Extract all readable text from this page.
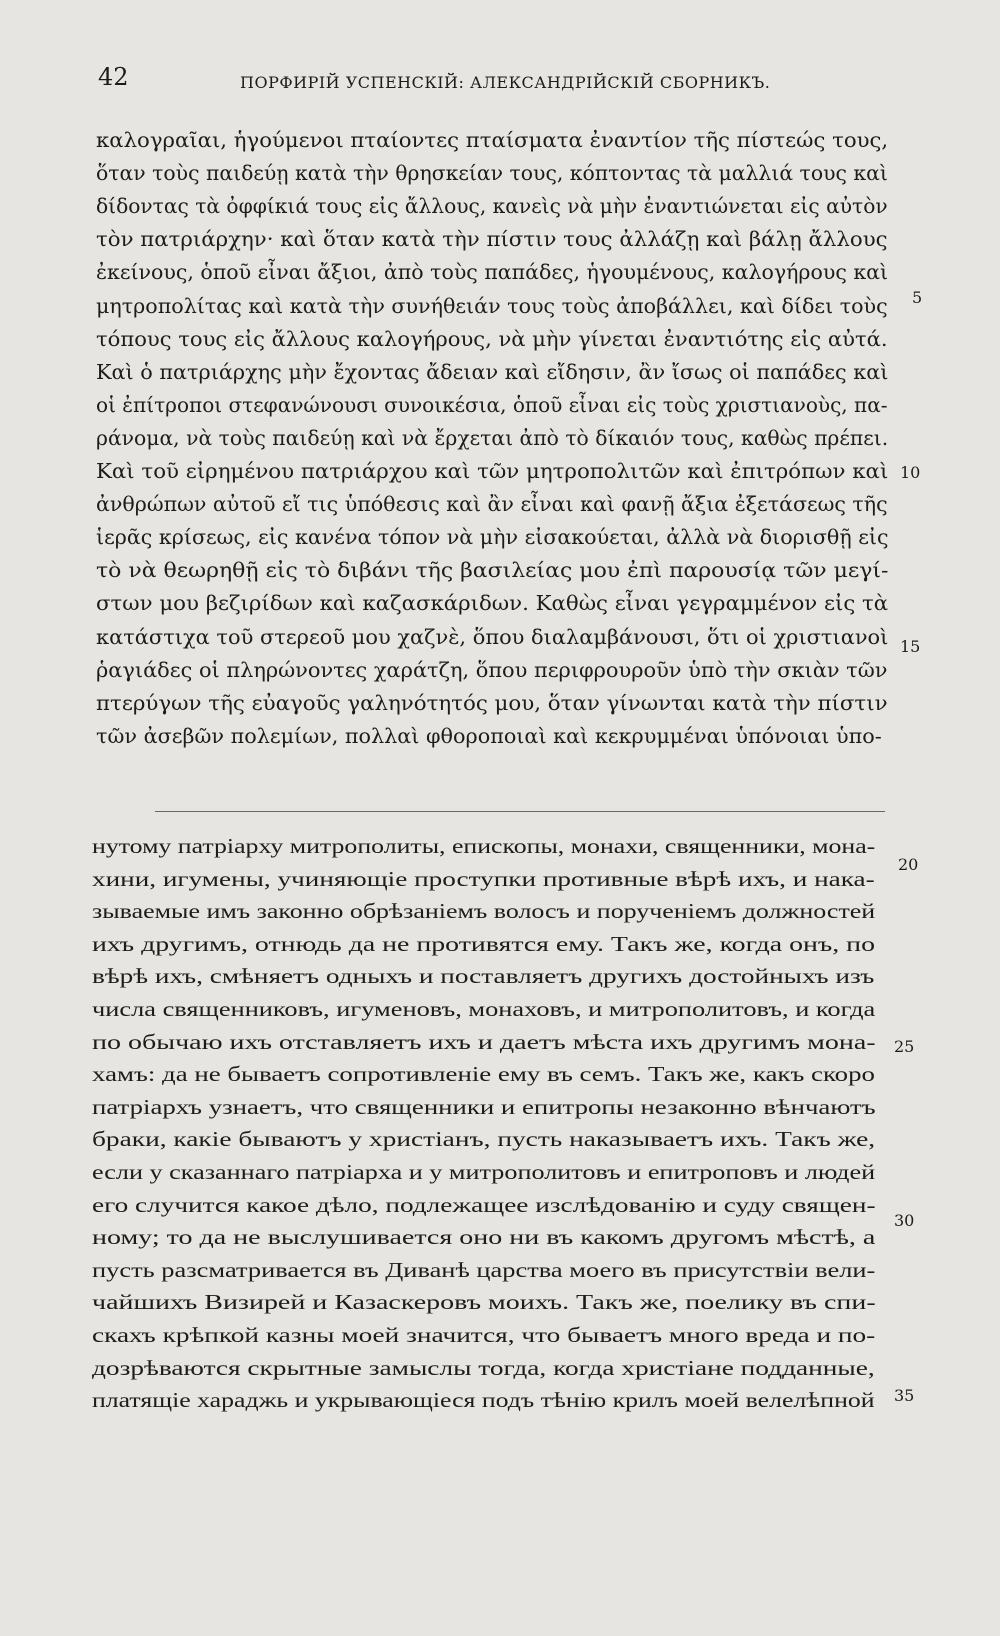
42	ПОРФИРІЙ УСПЕНСКІЙ: АЛЕКСАНДРІЙСКІЙ СБОРНИКЪ.
καλογραῖαι, ἡγούμενοι πταίοντες πταίσματα ἐναντίον τῆς πίστεώς τους,
ὅταν τοὺς παιδεύῃ κατὰ τὴν θρησκείαν τους, κόπτοντας τὰ μαλλιά τους καὶ
δίδοντας τὰ ὀφφίκιά τους εἰς ἄλλους, κανεὶς νὰ μὴν ἐναντιώνεται εἰς αὐτὸν
τὸν πατριάρχην· καὶ ὅταν κατὰ τὴν πίστιν τους ἀλλάζῃ καὶ βάλῃ ἄλλους
ἐκείνους, ὁποῦ εἶναι ἄξιοι, ἀπὸ τοὺς παπάδες, ἡγουμένους, καλογήρους καὶ
μητροπολίτας καὶ κατὰ τὴν συνήθειάν τους τοὺς ἀποβάλλει, καὶ δίδει τοὺς
τόπους τους εἰς ἄλλους καλογήρους, νὰ μὴν γίνεται ἐναντιότης εἰς αὐτά.
Καὶ ὁ πατριάρχης μὴν ἔχοντας ἄδειαν καὶ εἴδησιν, ἂν ἴσως οἱ παπάδες καὶ
οἱ ἐπίτροποι στεφανώνουσι συνοικέσια, ὁποῦ εἶναι εἰς τοὺς χριστιανοὺς, πα-
ράνομα, νὰ τοὺς παιδεύῃ καὶ νὰ ἔρχεται ἀπὸ τὸ δίκαιόν τους, καθὼς πρέπει.
Καὶ τοῦ εἰρημένου πατριάρχου καὶ τῶν μητροπολιτῶν καὶ ἐπιτρόπων καὶ
ἀνθρώπων αὐτοῦ εἴ τις ὑπόθεσις καὶ ἂν εἶναι καὶ φανῇ ἄξια ἐξετάσεως τῆς
ἱερᾶς κρίσεως, εἰς κανένα τόπον νὰ μὴν εἰσακούεται, ἀλλὰ νὰ διορισθῇ εἰς
τὸ νὰ θεωρηθῇ εἰς τὸ διβάνι τῆς βασιλείας μου ἐπὶ παρουσίᾳ τῶν μεγί-
στων μου βεζιρίδων καὶ καζασκάριδων. Καθὼς εἶναι γεγραμμένον εἰς τὰ
κατάστιχα τοῦ στερεοῦ μου χαζνὲ, ὅπου διαλαμβάνουσι, ὅτι οἱ χριστιανοὶ
ῥαγιάδες οἱ πληρώνοντες χαράτζη, ὅπου περιφρουροῦν ὑπὸ τὴν σκιὰν τῶν
πτερύγων τῆς εὐαγοῦς γαληνότητός μου, ὅταν γίνωνται κατὰ τὴν πίστιν
τῶν ἀσεβῶν πολεμίων, πολλαὶ φθοροποιαὶ καὶ κεκρυμμέναι ὑπόνοιαι ὑπο-
нутому патріарху митрополиты, епископы, монахи, священники, мона-
хини, игумены, учиняющіе проступки противные вѣрѣ ихъ, и нака-
зываемые имъ законно обрѣзаніемъ волосъ и порученіемъ должностей
ихъ другимъ, отнюдь да не противятся ему. Такъ же, когда онъ, по
вѣрѣ ихъ, смѣняетъ одныхъ и поставляетъ другихъ достойныхъ изъ
числа священниковъ, игуменовъ, монаховъ, и митрополитовъ, и когда
по обычаю ихъ отставляетъ ихъ и даетъ мѣста ихъ другимъ мона-
хамъ: да не бываетъ сопротивленіе ему въ семъ. Такъ же, какъ скоро
патріархъ узнаетъ, что священники и епитропы незаконно вѣнчаютъ
браки, какіе бываютъ у христіанъ, пусть наказываетъ ихъ. Такъ же,
если у сказаннаго патріарха и у митрополитовъ и епитроповъ и людей
его случится какое дѣло, подлежащее изслѣдованію и суду священ-
ному; то да не выслушивается оно ни въ какомъ другомъ мѣстѣ, а
пусть разсматривается въ Диванѣ царства моего въ присутствіи вели-
чайшихъ Визирей и Казаскеровъ моихъ. Такъ же, поелику въ спи-
скахъ крѣпкой казны моей значится, что бываетъ много вреда и по-
дозрѣваются скрытные замыслы тогда, когда христіане подданные,
платящіе хараджь и укрывающіеся подъ тѣнію крилъ моей велелѣпной
5
10
15
20
25
30
35
